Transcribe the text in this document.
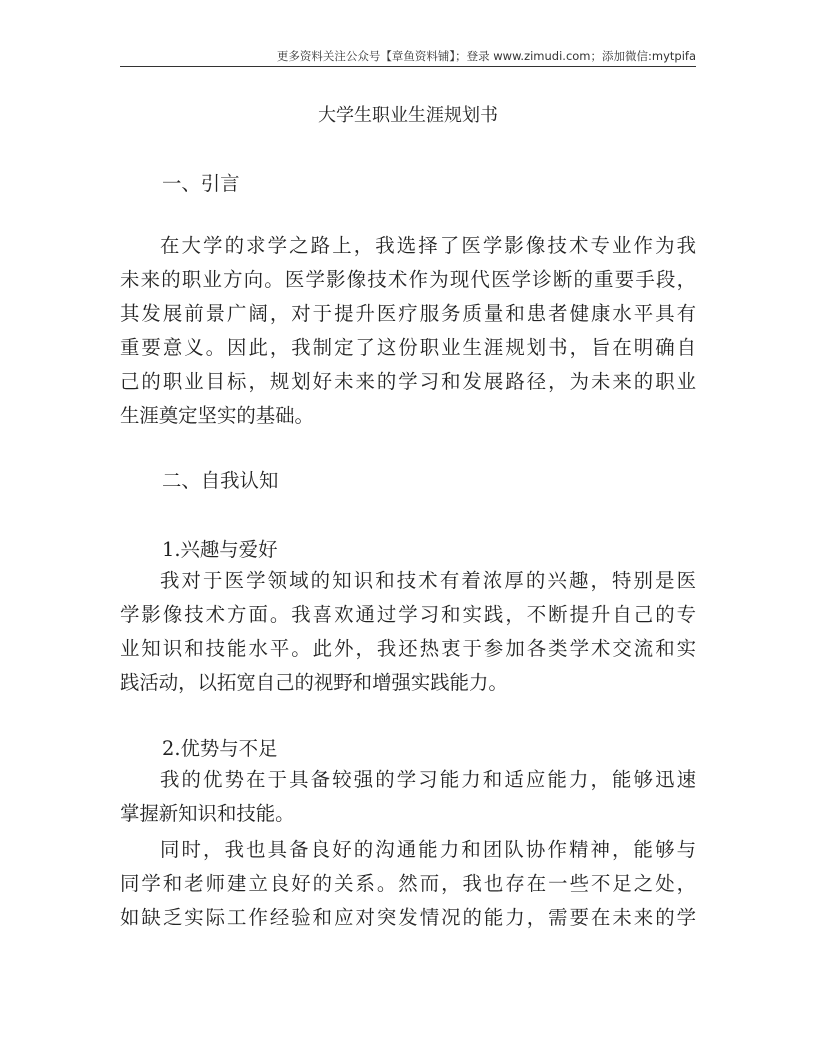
更多资料关注公众号【章鱼资料铺】；登录 www.zimudi.com；添加微信:mytpifa
大学生职业生涯规划书
一、引言
在大学的求学之路上，我选择了医学影像技术专业作为我
未来的职业方向。医学影像技术作为现代医学诊断的重要手段，
其发展前景广阔，对于提升医疗服务质量和患者健康水平具有
重要意义。因此，我制定了这份职业生涯规划书，旨在明确自
己的职业目标，规划好未来的学习和发展路径，为未来的职业
生涯奠定坚实的基础。
二、自我认知
1.兴趣与爱好
我对于医学领域的知识和技术有着浓厚的兴趣，特别是医
学影像技术方面。我喜欢通过学习和实践，不断提升自己的专
业知识和技能水平。此外，我还热衷于参加各类学术交流和实
践活动，以拓宽自己的视野和增强实践能力。
2.优势与不足
我的优势在于具备较强的学习能力和适应能力，能够迅速
掌握新知识和技能。
同时，我也具备良好的沟通能力和团队协作精神，能够与
同学和老师建立良好的关系。然而，我也存在一些不足之处，
如缺乏实际工作经验和应对突发情况的能力，需要在未来的学
